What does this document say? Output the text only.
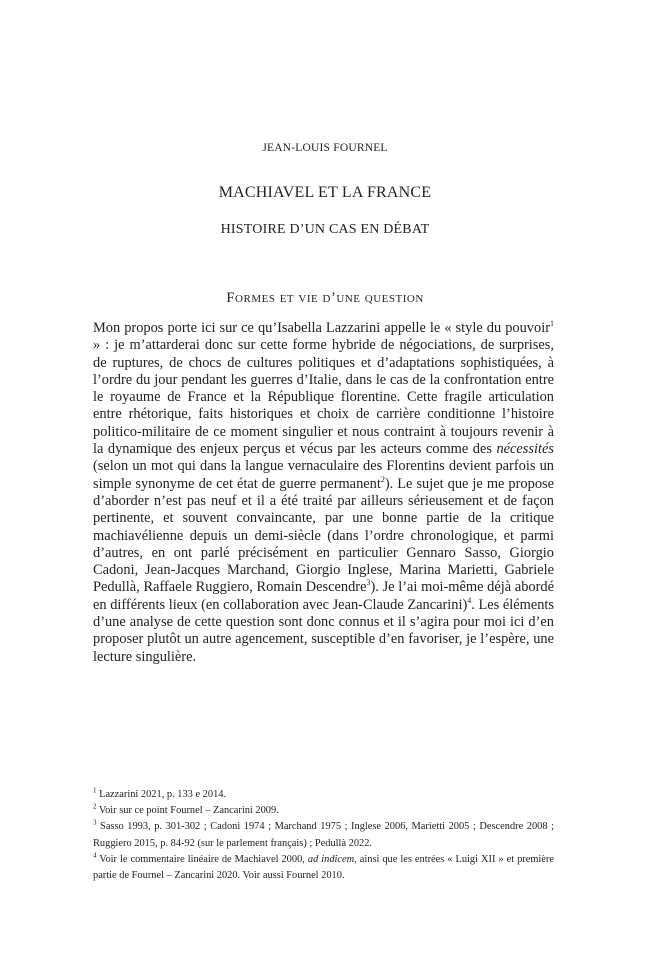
JEAN-LOUIS FOURNEL
MACHIAVEL ET LA FRANCE
HISTOIRE D’UN CAS EN DÉBAT
Formes et vie d’une question

Mon propos porte ici sur ce qu’Isabella Lazzarini appelle le « style du pouvoir$^1$ » : je m’attarderai donc sur cette forme hybride de négociations, de surprises, de ruptures, de chocs de cultures politiques et d’adaptations sophistiquées, à l’ordre du jour pendant les guerres d’Italie, dans le cas de la confrontation entre le royaume de France et la République florentine. Cette fragile articulation entre rhétorique, faits historiques et choix de carrière conditionne l’histoire politico-militaire de ce moment singulier et nous contraint à toujours revenir à la dynamique des enjeux perçus et vécus par les acteurs comme des nécessités (selon un mot qui dans la langue vernaculaire des Florentins devient parfois un simple synonyme de cet état de guerre permanent$^2$). Le sujet que je me propose d’aborder n’est pas neuf et il a été traité par ailleurs sérieusement et de façon pertinente, et souvent convaincante, par une bonne partie de la critique machiavélienne depuis un demi-siècle (dans l’ordre chronologique, et parmi d’autres, en ont parlé précisément en particulier Gennaro Sasso, Giorgio Cadoni, Jean-Jacques Marchand, Giorgio Inglese, Marina Marietti, Gabriele Pedullà, Raffaele Ruggiero, Romain Descendre$^3$). Je l’ai moi-même déjà abordé en différents lieux (en collaboration avec Jean-Claude Zancarini)$^4$. Les éléments d’une analyse de cette question sont donc connus et il s’agira pour moi ici d’en proposer plutôt un autre agencement, susceptible d’en favoriser, je l’espère, une lecture singulière.

$^1$ Lazzarini 2021, p. 133 e 2014.

$^2$ Voir sur ce point Fournel – Zancarini 2009.

$^3$ Sasso 1993, p. 301-302 ; Cadoni 1974 ; Marchand 1975 ; Inglese 2006, Marietti 2005 ; Descendre 2008 ; Ruggiero 2015, p. 84-92 (sur le parlement français) ; Pedullà 2022.

$^4$ Voir le commentaire linéaire de Machiavel 2000, ad indicem, ainsi que les entrées « Luigi XII » et première partie de Fournel – Zancarini 2020. Voir aussi Fournel 2010.
